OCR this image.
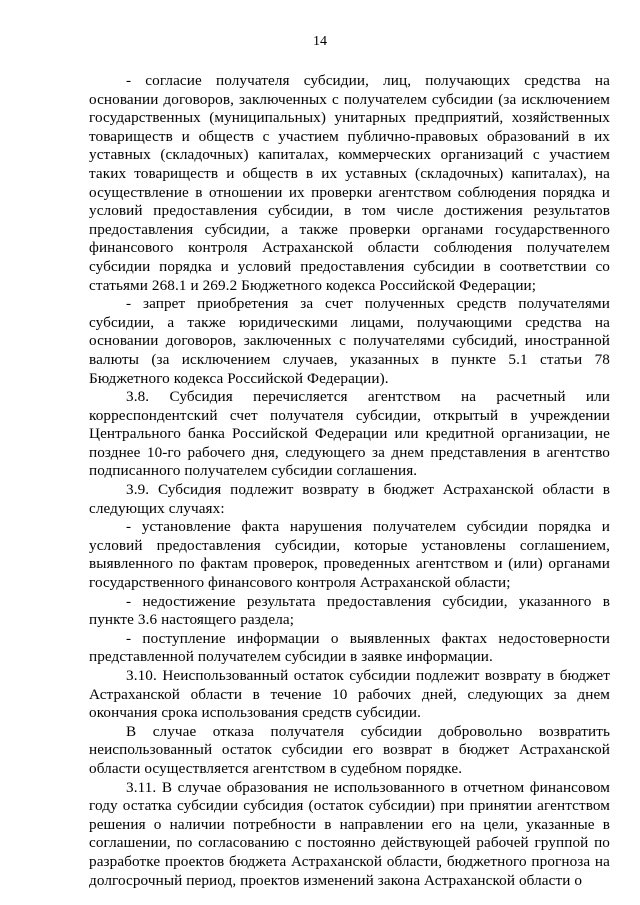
14

- согласие получателя субсидии, лиц, получающих средства на основании договоров, заключенных с получателем субсидии (за исключением государственных (муниципальных) унитарных предприятий, хозяйственных товариществ и обществ с участием публично-правовых образований в их уставных (складочных) капиталах, коммерческих организаций с участием таких товариществ и обществ в их уставных (складочных) капиталах), на осуществление в отношении их проверки агентством соблюдения порядка и условий предоставления субсидии, в том числе достижения результатов предоставления субсидии, а также проверки органами государственного финансового контроля Астраханской области соблюдения получателем субсидии порядка и условий предоставления субсидии в соответствии со статьями 268.1 и 269.2 Бюджетного кодекса Российской Федерации;

- запрет приобретения за счет полученных средств получателями субсидии, а также юридическими лицами, получающими средства на основании договоров, заключенных с получателями субсидий, иностранной валюты (за исключением случаев, указанных в пункте 5.1 статьи 78 Бюджетного кодекса Российской Федерации).

3.8. Субсидия перечисляется агентством на расчетный или корреспондентский счет получателя субсидии, открытый в учреждении Центрального банка Российской Федерации или кредитной организации, не позднее 10-го рабочего дня, следующего за днем представления в агентство подписанного получателем субсидии соглашения.

3.9. Субсидия подлежит возврату в бюджет Астраханской области в следующих случаях:

- установление факта нарушения получателем субсидии порядка и условий предоставления субсидии, которые установлены соглашением, выявленного по фактам проверок, проведенных агентством и (или) органами государственного финансового контроля Астраханской области;

- недостижение результата предоставления субсидии, указанного в пункте 3.6 настоящего раздела;

- поступление информации о выявленных фактах недостоверности представленной получателем субсидии в заявке информации.

3.10. Неиспользованный остаток субсидии подлежит возврату в бюджет Астраханской области в течение 10 рабочих дней, следующих за днем окончания срока использования средств субсидии.

В случае отказа получателя субсидии добровольно возвратить неиспользованный остаток субсидии его возврат в бюджет Астраханской области осуществляется агентством в судебном порядке.

3.11. В случае образования не использованного в отчетном финансовом году остатка субсидии субсидия (остаток субсидии) при принятии агентством решения о наличии потребности в направлении его на цели, указанные в соглашении, по согласованию с постоянно действующей рабочей группой по разработке проектов бюджета Астраханской области, бюджетного прогноза на долгосрочный период, проектов изменений закона Астраханской области о
